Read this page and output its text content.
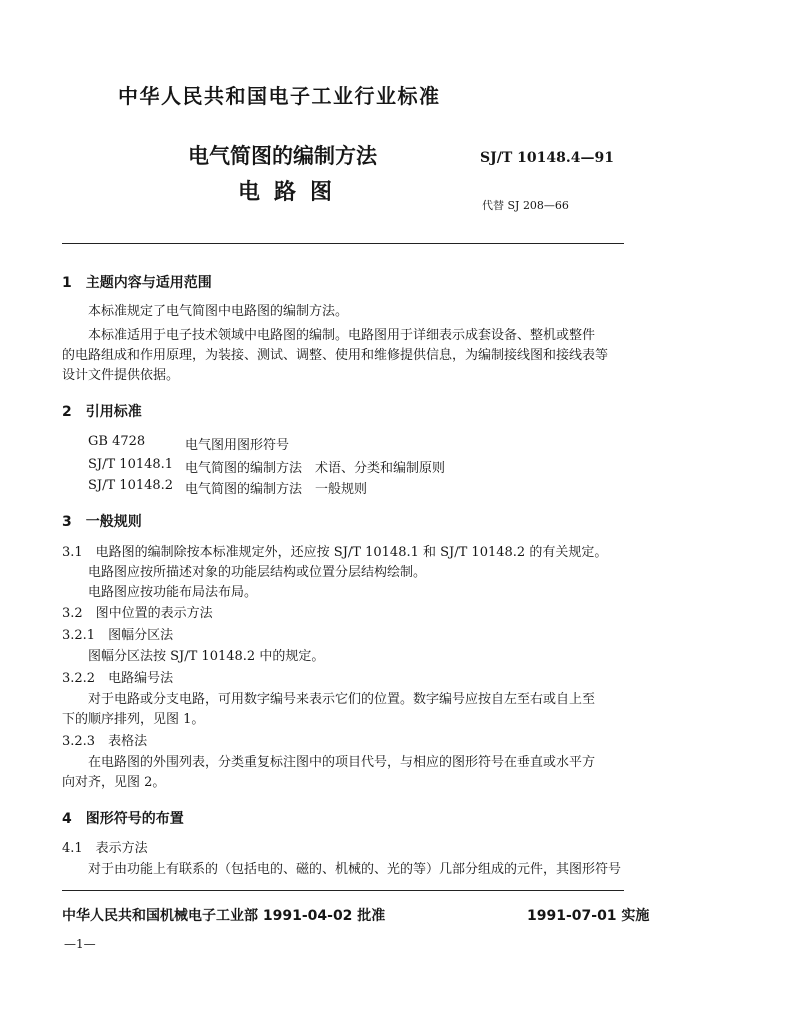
中华人民共和国电子工业行业标准
电气简图的编制方法
电路图
SJ/T 10148.4—91
代替 SJ 208—66
1　主题内容与适用范围
本标准规定了电气简图中电路图的编制方法。
本标准适用于电子技术领域中电路图的编制。电路图用于详细表示成套设备、整机或整件
的电路组成和作用原理，为装接、测试、调整、使用和维修提供信息，为编制接线图和接线表等
设计文件提供依据。
2　引用标准
GB 4728	电气图用图形符号
SJ/T 10148.1 电气简图的编制方法　术语、分类和编制原则
SJ/T 10148.2 电气简图的编制方法　一般规则
3　一般规则
3.1　电路图的编制除按本标准规定外，还应按 SJ/T 10148.1 和 SJ/T 10148.2 的有关规定。
电路图应按所描述对象的功能层结构或位置分层结构绘制。
电路图应按功能布局法布局。
3.2　图中位置的表示方法
3.2.1　图幅分区法
图幅分区法按 SJ/T 10148.2 中的规定。
3.2.2　电路编号法
对于电路或分支电路，可用数字编号来表示它们的位置。数字编号应按自左至右或自上至
下的顺序排列，见图 1。
3.2.3　表格法
在电路图的外围列表，分类重复标注图中的项目代号，与相应的图形符号在垂直或水平方
向对齐，见图 2。
4　图形符号的布置
4.1　表示方法
对于由功能上有联系的（包括电的、磁的、机械的、光的等）几部分组成的元件，其图形符号
中华人民共和国机械电子工业部 1991-04-02 批准	1991-07-01 实施
—1—
